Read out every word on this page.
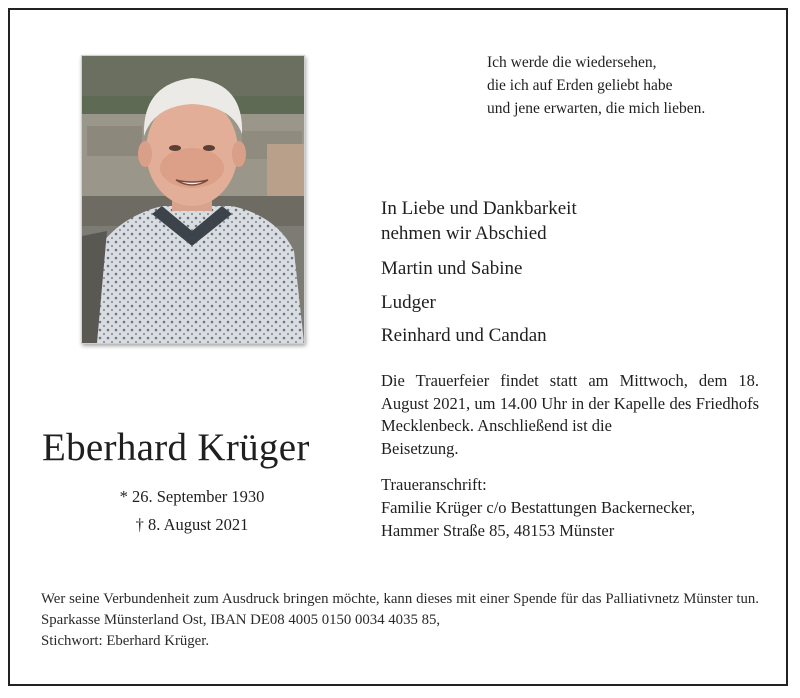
Ich werde die wiedersehen,
die ich auf Erden geliebt habe
und jene erwarten, die mich lieben.
In Liebe und Dankbarkeit
nehmen wir Abschied
Martin und Sabine
Ludger
Reinhard und Candan
Die Trauerfeier findet statt am Mittwoch, dem 18. August 2021, um 14.00 Uhr in der Kapelle des Friedhofs Mecklenbeck. Anschließend ist die
Beisetzung.
Traueranschrift:
Familie Krüger c/o Bestattungen Backernecker,
Hammer Straße 85, 48153 Münster
Eberhard Krüger
* 26. September 1930
† 8. August 2021
Wer seine Verbundenheit zum Ausdruck bringen möchte, kann dieses mit einer Spende für das Palliativnetz Münster tun. Sparkasse Münsterland Ost, IBAN DE08 4005 0150 0034 4035 85,
Stichwort: Eberhard Krüger.
